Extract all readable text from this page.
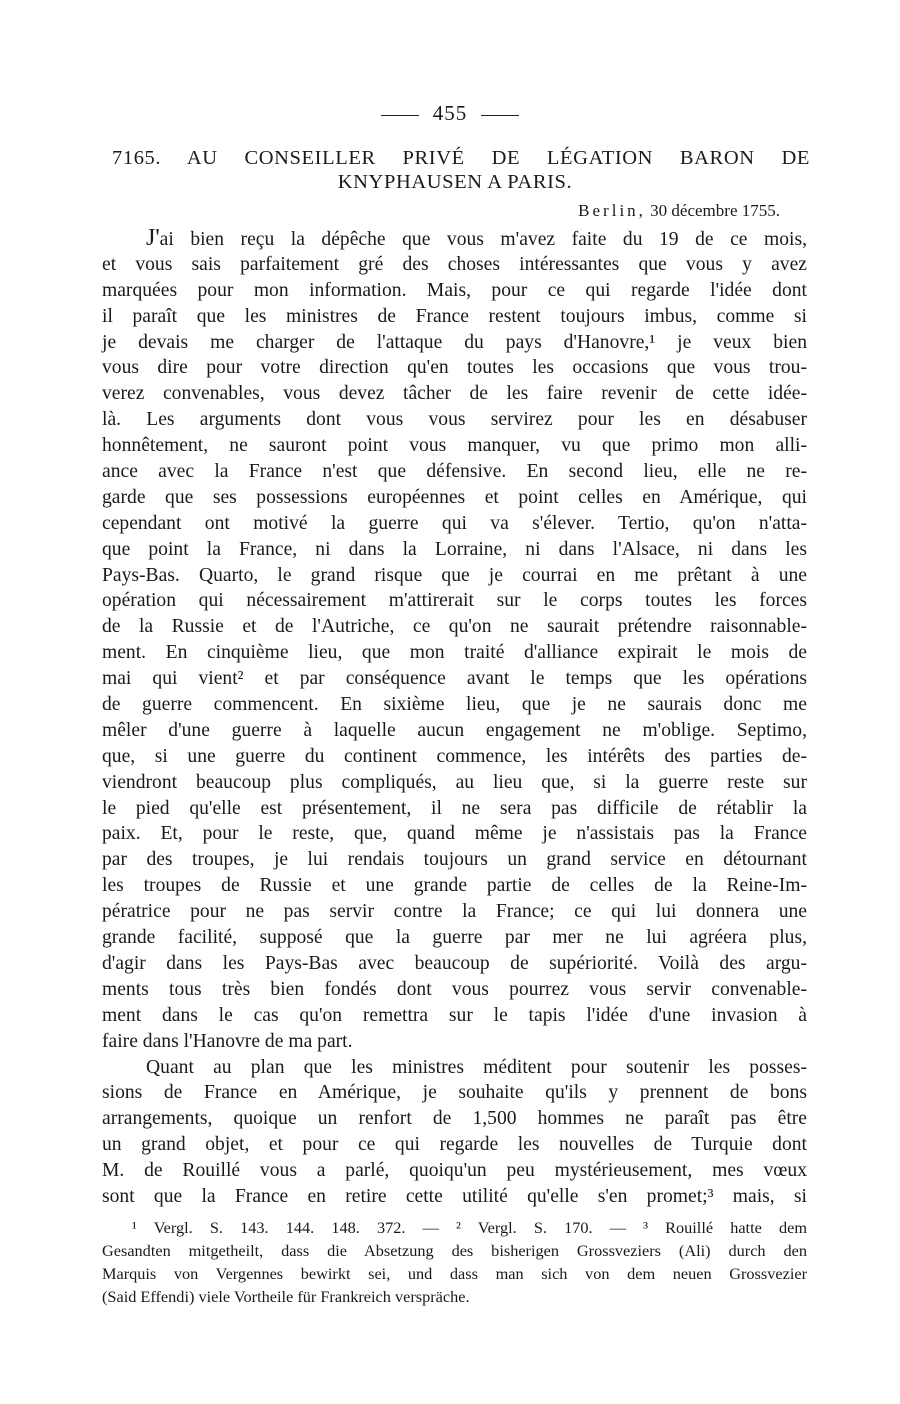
455
7165. AU CONSEILLER PRIVÉ DE LÉGATION BARON DE
KNYPHAUSEN A PARIS.
Berlin, 30 décembre 1755.
J'ai bien reçu la dépêche que vous m'avez faite du 19 de ce mois,
et vous sais parfaitement gré des choses intéressantes que vous y avez
marquées pour mon information. Mais, pour ce qui regarde l'idée dont
il paraît que les ministres de France restent toujours imbus, comme si
je devais me charger de l'attaque du pays d'Hanovre,¹ je veux bien
vous dire pour votre direction qu'en toutes les occasions que vous trou-
verez convenables, vous devez tâcher de les faire revenir de cette idée-
là. Les arguments dont vous vous servirez pour les en désabuser
honnêtement, ne sauront point vous manquer, vu que primo mon alli-
ance avec la France n'est que défensive. En second lieu, elle ne re-
garde que ses possessions européennes et point celles en Amérique, qui
cependant ont motivé la guerre qui va s'élever. Tertio, qu'on n'atta-
que point la France, ni dans la Lorraine, ni dans l'Alsace, ni dans les
Pays-Bas. Quarto, le grand risque que je courrai en me prêtant à une
opération qui nécessairement m'attirerait sur le corps toutes les forces
de la Russie et de l'Autriche, ce qu'on ne saurait prétendre raisonnable-
ment. En cinquième lieu, que mon traité d'alliance expirait le mois de
mai qui vient² et par conséquence avant le temps que les opérations
de guerre commencent. En sixième lieu, que je ne saurais donc me
mêler d'une guerre à laquelle aucun engagement ne m'oblige. Septimo,
que, si une guerre du continent commence, les intérêts des parties de-
viendront beaucoup plus compliqués, au lieu que, si la guerre reste sur
le pied qu'elle est présentement, il ne sera pas difficile de rétablir la
paix. Et, pour le reste, que, quand même je n'assistais pas la France
par des troupes, je lui rendais toujours un grand service en détournant
les troupes de Russie et une grande partie de celles de la Reine-Im-
pératrice pour ne pas servir contre la France; ce qui lui donnera une
grande facilité, supposé que la guerre par mer ne lui agréera plus,
d'agir dans les Pays-Bas avec beaucoup de supériorité. Voilà des argu-
ments tous très bien fondés dont vous pourrez vous servir convenable-
ment dans le cas qu'on remettra sur le tapis l'idée d'une invasion à
faire dans l'Hanovre de ma part.
Quant au plan que les ministres méditent pour soutenir les posses-
sions de France en Amérique, je souhaite qu'ils y prennent de bons
arrangements, quoique un renfort de 1,500 hommes ne paraît pas être
un grand objet, et pour ce qui regarde les nouvelles de Turquie dont
M. de Rouillé vous a parlé, quoiqu'un peu mystérieusement, mes vœux
sont que la France en retire cette utilité qu'elle s'en promet;³ mais, si
¹ Vergl. S. 143. 144. 148. 372. — ² Vergl. S. 170. — ³ Rouillé hatte dem
Gesandten mitgetheilt, dass die Absetzung des bisherigen Grossveziers (Ali) durch den
Marquis von Vergennes bewirkt sei, und dass man sich von dem neuen Grossvezier
(Said Effendi) viele Vortheile für Frankreich verspräche.
